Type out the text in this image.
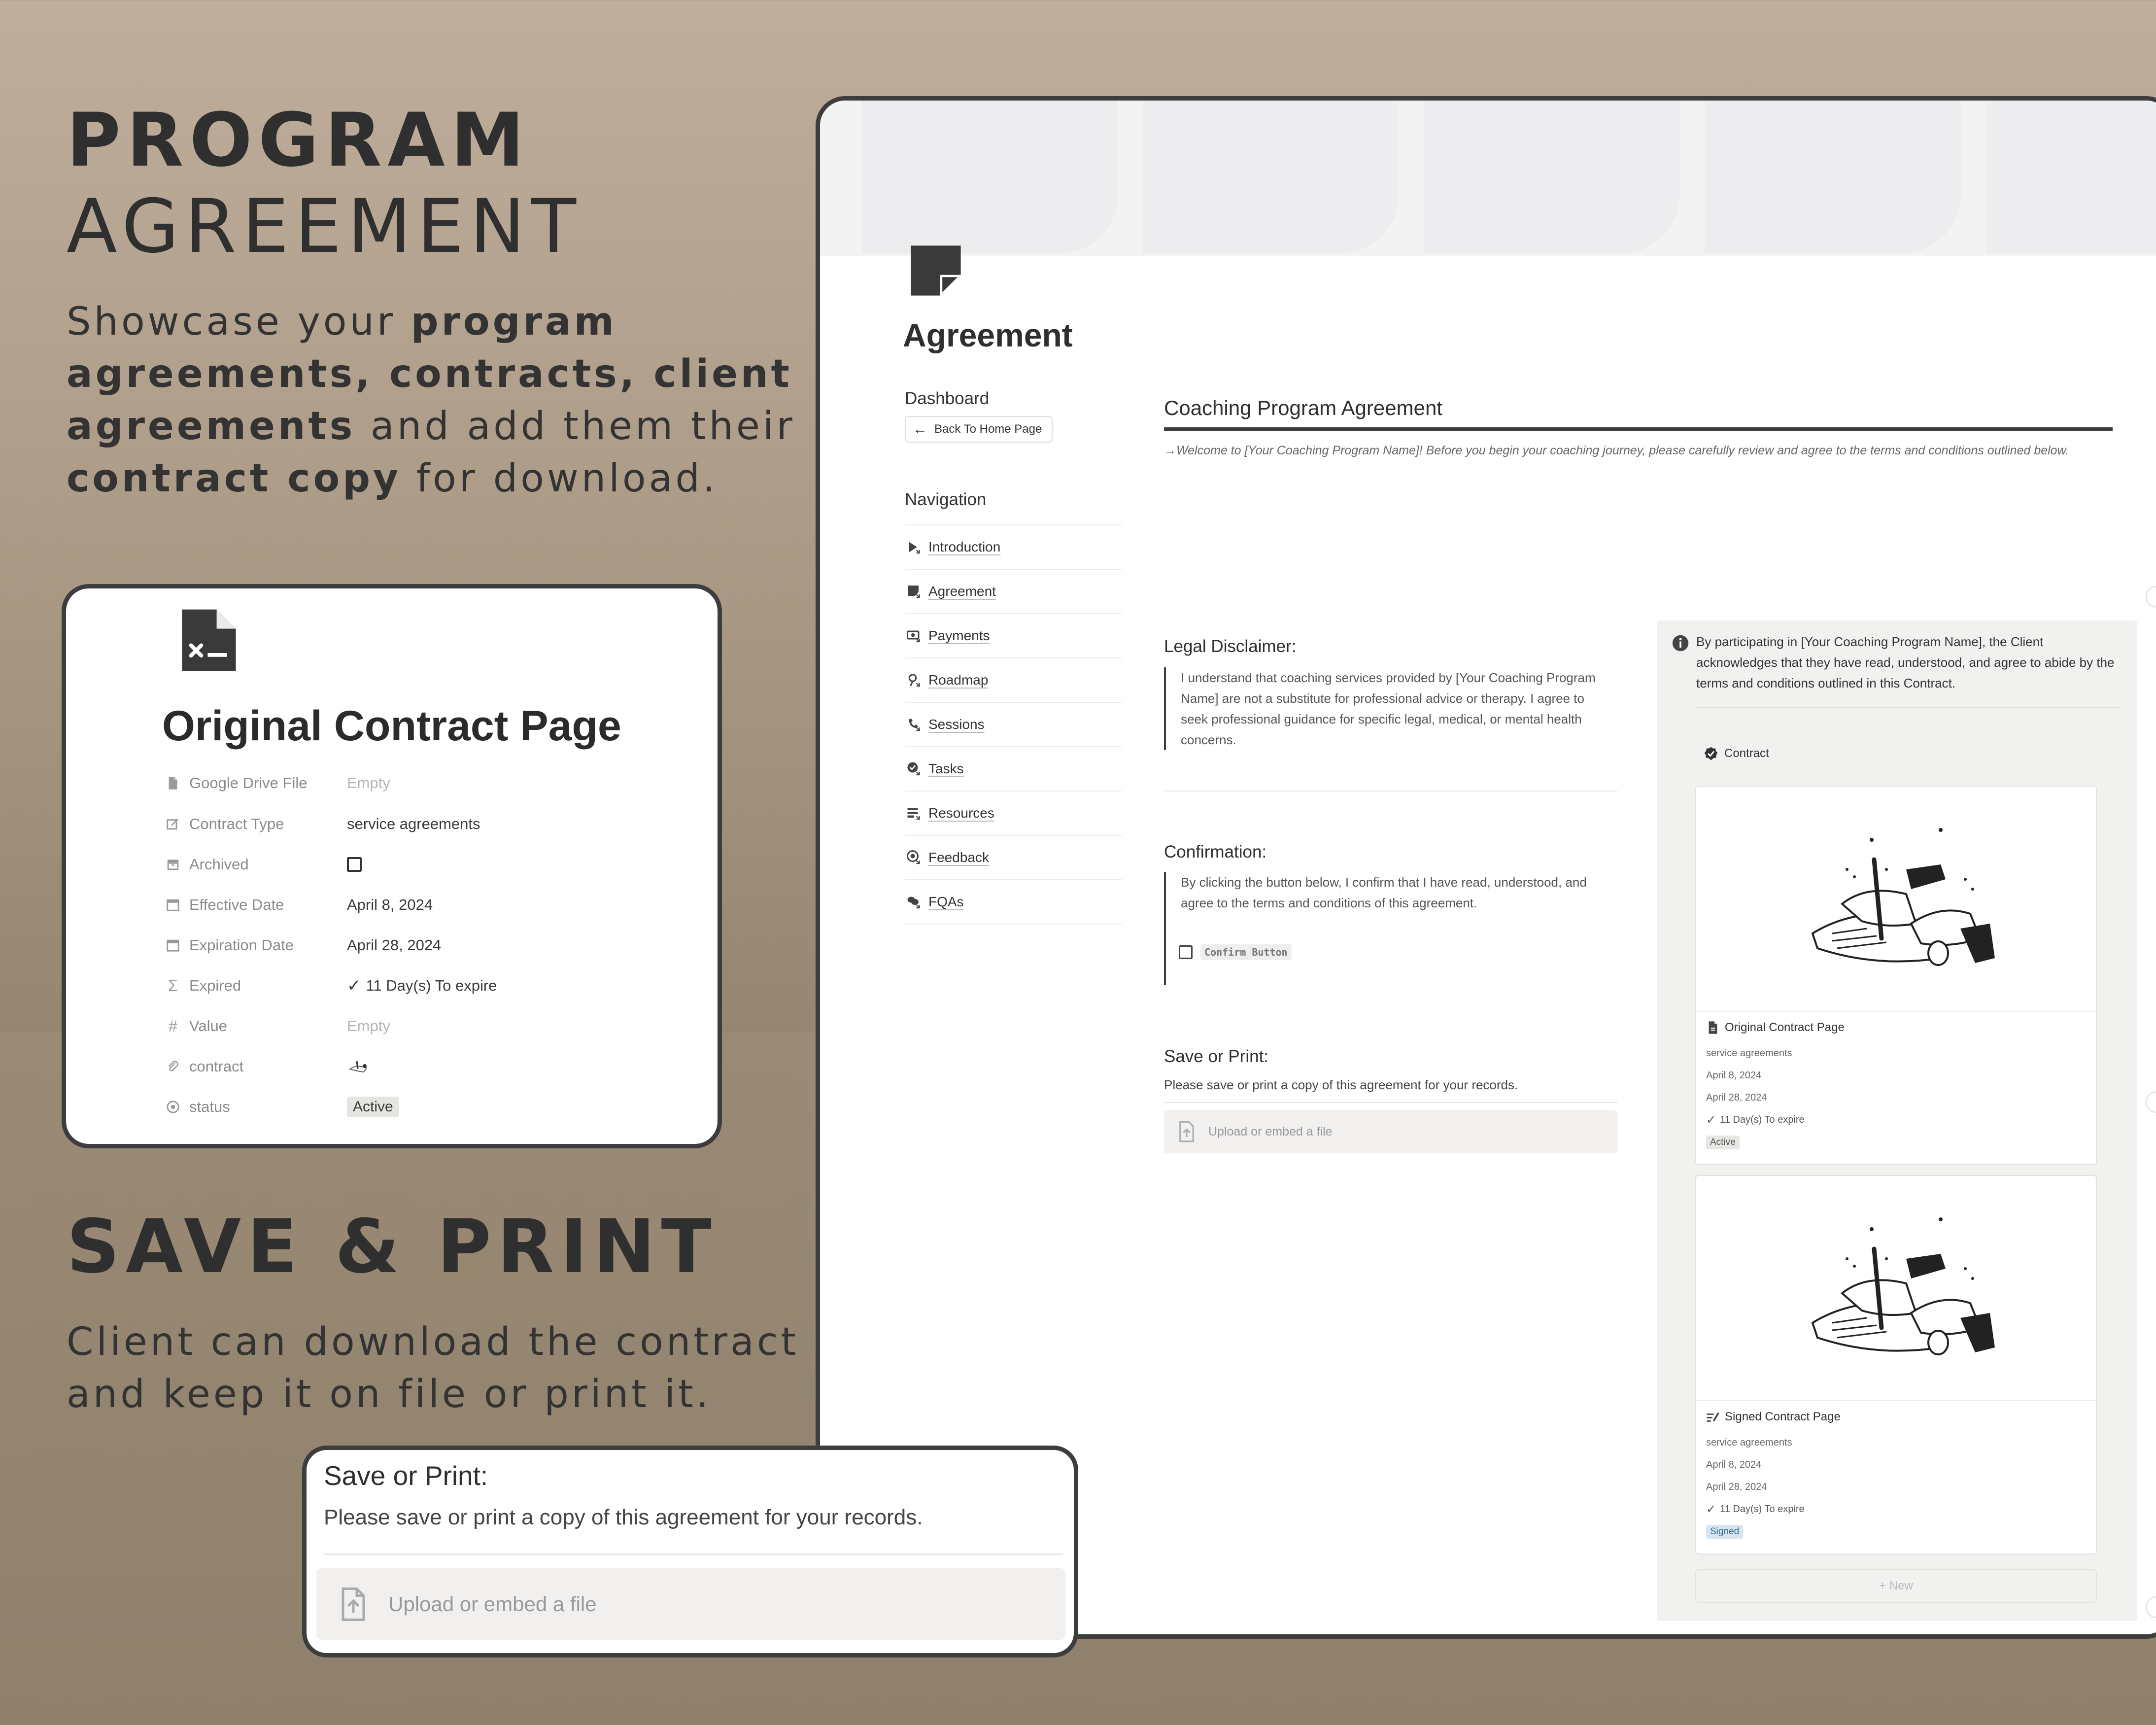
PROGRAM
AGREEMENT

Showcase your program agreements, contracts, client agreements and add them their contract copy for download.

SAVE & PRINT

Client can download the contract and keep it on file or print it.

Original Contract Page
Google Drive File	Empty
Contract Type	service agreements
Archived
Effective Date	April 8, 2024
Expiration Date	April 28, 2024
Σ Expired	✓ 11 Day(s) To expire
# Value	Empty
contract
status	Active
Agreement

Dashboard

← Back To Home Page

Navigation

Introduction
Agreement
Payments
Roadmap
Sessions
Tasks
Resources
Feedback
FQAs
Coaching Program Agreement

→Welcome to [Your Coaching Program Name]! Before you begin your coaching journey, please carefully review and agree to the terms and conditions outlined below.

Legal Disclaimer:

I understand that coaching services provided by [Your Coaching Program Name] are not a substitute for professional advice or therapy. I agree to seek professional guidance for specific legal, medical, or mental health concerns.

Confirmation:

By clicking the button below, I confirm that I have read, understood, and agree to the terms and conditions of this agreement.

Confirm Button
Save or Print:

Please save or print a copy of this agreement for your records.

Upload or embed a file

By participating in [Your Coaching Program Name], the Client acknowledges that they have read, understood, and agree to abide by the terms and conditions outlined in this Contract.

Contract
Original Contract Page

service agreements

April 8, 2024

April 28, 2024

✓ 11 Day(s) To expire
Active
Signed Contract Page

service agreements

April 8, 2024

April 28, 2024

✓ 11 Day(s) To expire
Signed
+ New
Save or Print:

Please save or print a copy of this agreement for your records.

Upload or embed a file
